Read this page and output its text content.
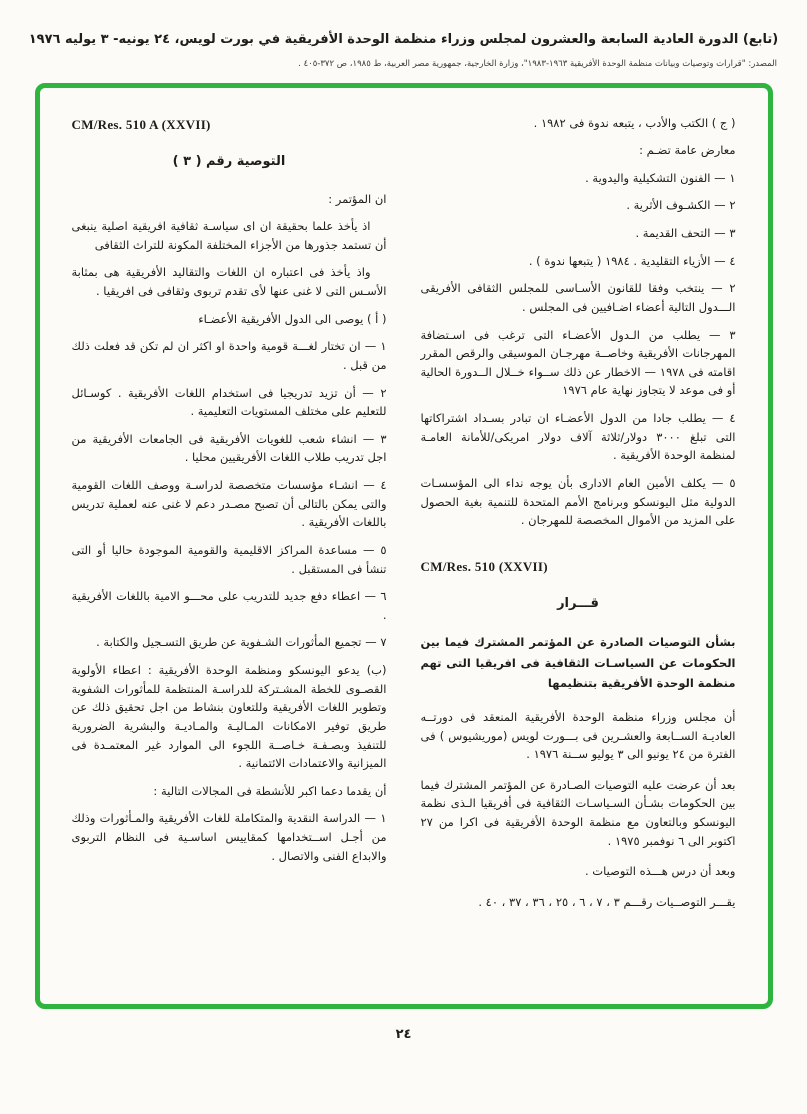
(تابع) الدورة العادية السابعة والعشرون لمجلس وزراء منظمة الوحدة الأفريقية في بورت لويس، ٢٤ يونيه- ٣ يوليه ١٩٧٦
المصدر: "قرارات وتوصيات وبيانات منظمة الوحدة الأفريقية ١٩٦٣-١٩٨٣"، وزارة الخارجية، جمهورية مصر العربية، ط ١٩٨٥، ص ٣٧٢-٤٠٥ .

( ج ) الكتب والأدب ، يتبعه ندوة فى ١٩٨٢ .

معارض عامة تضـم :

١ — الفنون التشكيلية واليدوية .

٢ — الكشـوف الأثرية .

٣ — التحف القديمة .

٤ — الأزياء التقليدية . ١٩٨٤ ( يتبعها ندوة ) .

٢ — ينتخب وفقا للقانون الأسـاسى للمجلس الثقافى الأفريقى الـــدول التالية أعضاء اضـافيين فى المجلس .

٣ — يطلب من الـدول الأعضـاء التى ترغب فى اسـتضافة المهرجانات الأفريقية وخاصــة مهرجـان الموسيقى والرقص المقرر اقامته فى ١٩٧٨ — الاخطار عن ذلك ســواء خــلال الــدورة الحالية أو فى موعد لا يتجاوز نهاية عام ١٩٧٦

٤ — يطلب جادا من الدول الأعضـاء ان تبادر بسـداد اشتراكاتها التى تبلغ ٣٠٠٠ دولار/ثلاثة آلاف دولار امريكى/للأمانة العامـة لمنظمة الوحدة الأفريقية .

٥ — يكلف الأمين العام الادارى بأن يوجه نداء الى المؤسسـات الدولية مثل اليونسكو وبرنامج الأمم المتحدة للتنمية بغية الحصول على المزيد من الأموال المخصصة للمهرجان .

CM/Res. 510 (XXVII)
قـــرار

بشأن التوصيات الصادرة عن المؤتمر المشترك فيما بين الحكومات عن السياسـات الثقافية فى افريقيا التى تهم منظمة الوحدة الأفريقية بتنظيمها

أن مجلس وزراء منظمة الوحدة الأفريقية المنعقد فى دورتــه العاديـة الســابعة والعشـرين فى بـــورت لويس (موريشيوس ) فى الفترة من ٢٤ يونيو الى ٣ يوليو ســنة ١٩٧٦ .

بعد أن عرضت عليه التوصيات الصـادرة عن المؤتمر المشترك فيما بين الحكومات بشـأن السـياسـات الثقافية فى أفريقيا الـذى نظمة اليونسكو وبالتعاون مع منظمة الوحدة الأفريقية فى اكرا من ٢٧ اكتوبر الى ٦ نوفمبر ١٩٧٥ .

وبعد أن درس هـــذه التوصيات .

يقـــر التوصــيات رقـــم ٣ ، ٧ ، ٦ ، ٢٥ ، ٣٦ ، ٣٧ ، ٤٠ .

CM/Res. 510 A (XXVII)
التوصية رقم ( ٣ )

ان المؤتمر :

اذ يأخذ علما بحقيقة ان اى سياسـة ثقافية افريقية اصلية ينبغى أن تستمد جذورها من الأجزاء المختلفة المكونة للتراث الثقافى

واذ يأخذ فى اعتباره ان اللغات والتقاليد الأفريقية هى بمثابة الأسـس التى لا غنى عنها لأى تقدم تربوى وثقافى فى افريقيا .

( أ ) يوصى الى الدول الأفريقية الأعضـاء

١ — ان تختار لغـــة قومية واحدة او اكثر ان لم تكن قد فعلت ذلك من قبل .

٢ — أن تزيد تدريجيا فى استخدام اللغات الأفريقية . كوسـائل للتعليم على مختلف المستويات التعليمية .

٣ — انشاء شعب للغويات الأفريقية فى الجامعات الأفريقية من اجل تدريب طلاب اللغات الأفريقيين محليا .

٤ — انشـاء مؤسسات متخصصة لدراسـة ووصف اللغات القومية والتى يمكن بالتالى أن تصبح مصـدر دعم لا غنى عنه لعملية تدريس باللغات الأفريقية .

٥ — مساعدة المراكز الاقليمية والقومية الموجودة حاليا أو التى تنشأ فى المستقبل .

٦ — اعطاء دفع جديد للتدريب على محـــو الامية باللغات الأفريقية .

٧ — تجميع المأثورات الشـفوية عن طريق التسـجيل والكتابة .

(ب) يدعو اليونسكو ومنظمة الوحدة الأفريقية : اعطاء الأولوية القصـوى للخطة المشـتركة للدراسـة المنتظمة للمأثورات الشفوية وتطوير اللغات الأفريقية وللتعاون بنشاط من اجل تحقيق ذلك عن طريق توفير الامكانات المـاليـة والمـاديـة والبشرية الضرورية للتنفيذ وبصـفـة خـاصــة اللجوء الى الموارد غير المعتمـدة فى الميزانية والاعتمادات الائتمانية .

أن يقدما دعما اكبر للأنشطة فى المجالات التالية :

١ — الدراسة النقدية والمتكاملة للغات الأفريقية والمـأثورات وذلك من أجـل اســتخدامها كمقاييس اساسـية فى النظام التربوى والابداع الفنى والاتصال .

٢٤
